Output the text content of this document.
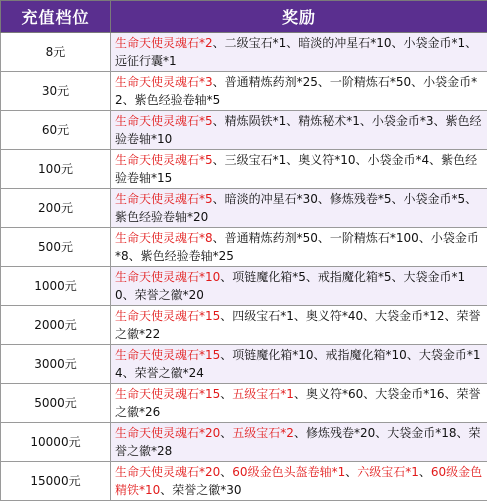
充值档位	奖励
8元	生命天使灵魂石*2、二级宝石*1、暗淡的冲星石*10、小袋金币*1、远征行囊*1
30元	生命天使灵魂石*3、普通精炼药剂*25、一阶精炼石*50、小袋金币*2、紫色经验卷轴*5
60元	生命天使灵魂石*5、精炼陨铁*1、精炼秘术*1、小袋金币*3、紫色经验卷轴*10
100元	生命天使灵魂石*5、三级宝石*1、奥义符*10、小袋金币*4、紫色经验卷轴*15
200元	生命天使灵魂石*5、暗淡的冲星石*30、修炼残卷*5、小袋金币*5、紫色经验卷轴*20
500元	生命天使灵魂石*8、普通精炼药剂*50、一阶精炼石*100、小袋金币*8、紫色经验卷轴*25
1000元	生命天使灵魂石*10、项链魔化箱*5、戒指魔化箱*5、大袋金币*10、荣誉之徽*20
2000元	生命天使灵魂石*15、四级宝石*1、奥义符*40、大袋金币*12、荣誉之徽*22
3000元	生命天使灵魂石*15、项链魔化箱*10、戒指魔化箱*10、大袋金币*14、荣誉之徽*24
5000元	生命天使灵魂石*15、五级宝石*1、奥义符*60、大袋金币*16、荣誉之徽*26
10000元	生命天使灵魂石*20、五级宝石*2、修炼残卷*20、大袋金币*18、荣誉之徽*28
15000元	生命天使灵魂石*20、60级金色头盔卷轴*1、六级宝石*1、60级金色精铁*10、荣誉之徽*30
